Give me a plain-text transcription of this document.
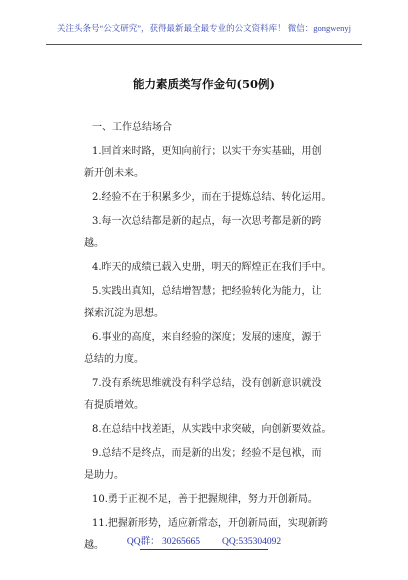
关注头条号“公文研究”，获得最新最全最专业的公文资料库！ 微信：gongwenyj
能力素质类写作金句(50例)
一、工作总结场合
1.回首来时路，更知向前行；以实干夯实基础，用创
新开创未来。
2.经验不在于积累多少，而在于提炼总结、转化运用。
3.每一次总结都是新的起点，每一次思考都是新的跨
越。
4.昨天的成绩已载入史册，明天的辉煌正在我们手中。
5.实践出真知，总结增智慧；把经验转化为能力，让
探索沉淀为思想。
6.事业的高度，来自经验的深度；发展的速度，源于
总结的力度。
7.没有系统思维就没有科学总结，没有创新意识就没
有提质增效。
8.在总结中找差距，从实践中求突破，向创新要效益。
9.总结不是终点，而是新的出发；经验不是包袱，而
是助力。
10.勇于正视不足，善于把握规律，努力开创新局。
11.把握新形势，适应新常态，开创新局面，实现新跨
越。	QQ群： 30265665 QQ:535304092
